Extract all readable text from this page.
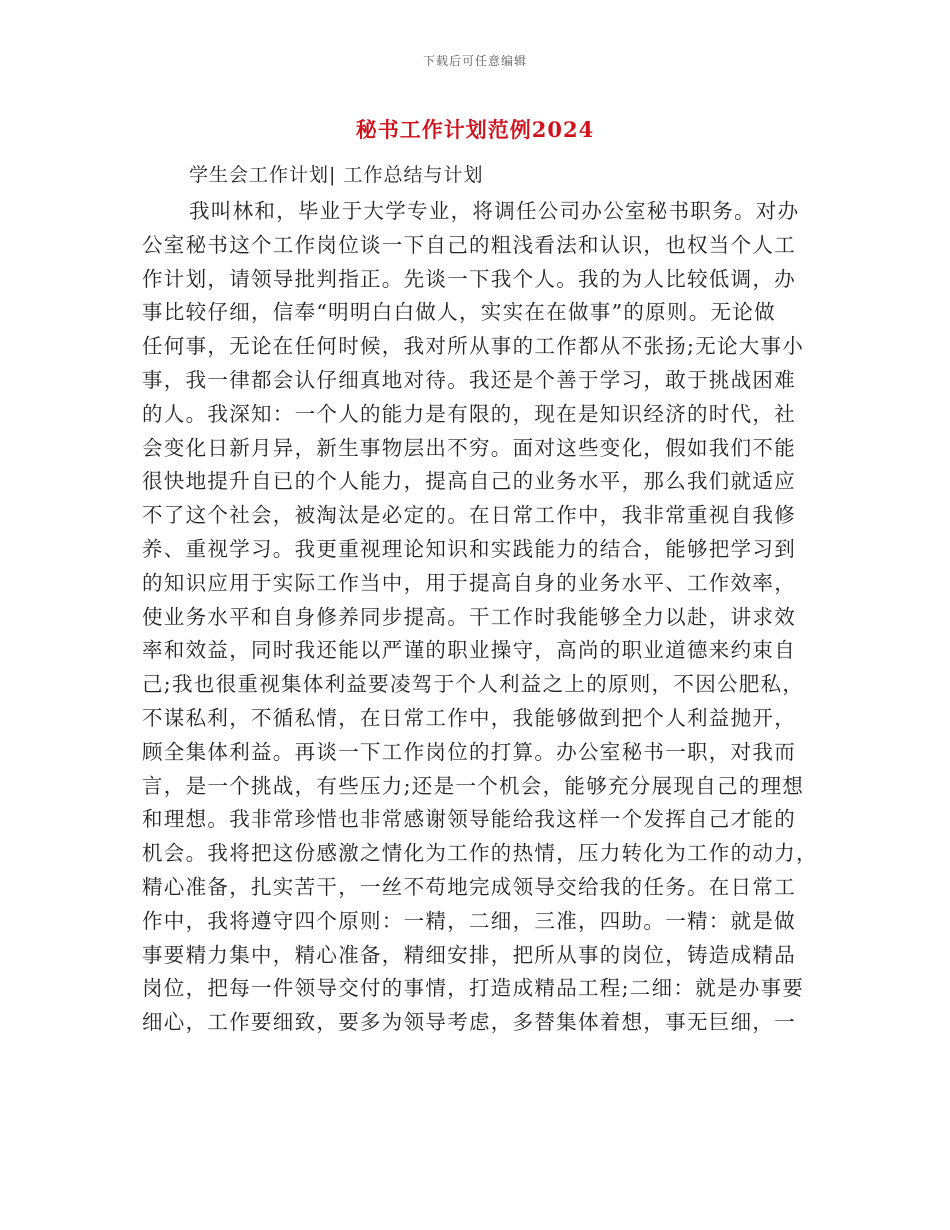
下载后可任意编辑
秘书工作计划范例2024
学生会工作计划| 工作总结与计划
我叫林和，毕业于大学专业，将调任公司办公室秘书职务。对办
公室秘书这个工作岗位谈一下自己的粗浅看法和认识，也权当个人工
作计划，请领导批判指正。先谈一下我个人。我的为人比较低调，办
事比较仔细，信奉“明明白白做人，实实在在做事”的原则。无论做
任何事，无论在任何时候，我对所从事的工作都从不张扬;无论大事小
事，我一律都会认仔细真地对待。我还是个善于学习，敢于挑战困难
的人。我深知：一个人的能力是有限的，现在是知识经济的时代，社
会变化日新月异，新生事物层出不穷。面对这些变化，假如我们不能
很快地提升自已的个人能力，提高自己的业务水平，那么我们就适应
不了这个社会，被淘汰是必定的。在日常工作中，我非常重视自我修
养、重视学习。我更重视理论知识和实践能力的结合，能够把学习到
的知识应用于实际工作当中，用于提高自身的业务水平、工作效率，
使业务水平和自身修养同步提高。干工作时我能够全力以赴，讲求效
率和效益，同时我还能以严谨的职业操守，高尚的职业道德来约束自
己;我也很重视集体利益要凌驾于个人利益之上的原则，不因公肥私，
不谋私利，不循私情，在日常工作中，我能够做到把个人利益抛开，
顾全集体利益。再谈一下工作岗位的打算。办公室秘书一职，对我而
言，是一个挑战，有些压力;还是一个机会，能够充分展现自己的理想
和理想。我非常珍惜也非常感谢领导能给我这样一个发挥自己才能的
机会。我将把这份感激之情化为工作的热情，压力转化为工作的动力，
精心准备，扎实苦干，一丝不苟地完成领导交给我的任务。在日常工
作中，我将遵守四个原则：一精，二细，三准，四助。一精：就是做
事要精力集中，精心准备，精细安排，把所从事的岗位，铸造成精品
岗位，把每一件领导交付的事情，打造成精品工程;二细：就是办事要
细心，工作要细致，要多为领导考虑，多替集体着想，事无巨细，一
